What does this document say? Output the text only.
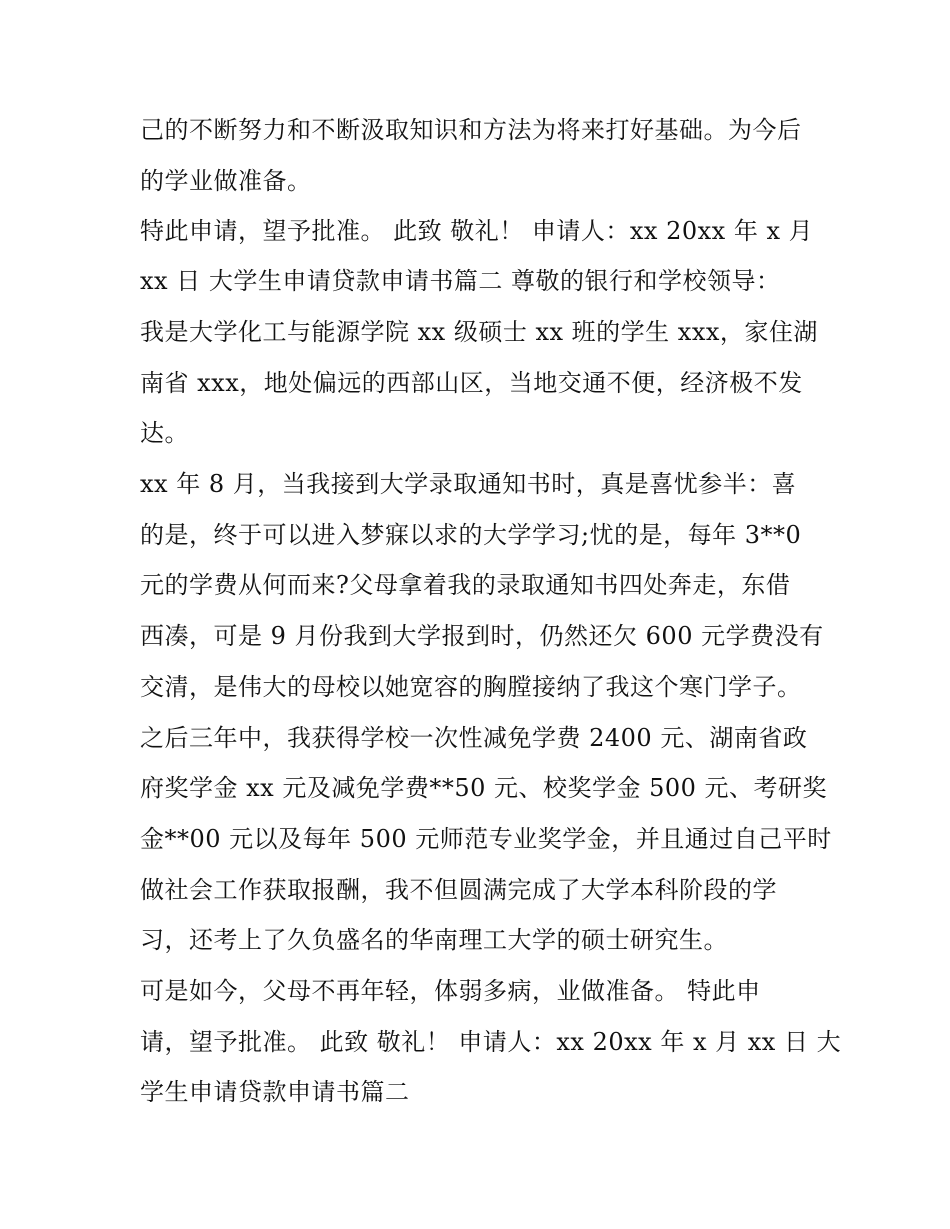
己的不断努力和不断汲取知识和方法为将来打好基础。为今后
的学业做准备。
特此申请，望予批准。 此致 敬礼！ 申请人：xx 20xx 年 x 月
xx 日 大学生申请贷款申请书篇二 尊敬的银行和学校领导：
我是大学化工与能源学院 xx 级硕士 xx 班的学生 xxx，家住湖
南省 xxx，地处偏远的西部山区，当地交通不便，经济极不发
达。
xx 年 8 月，当我接到大学录取通知书时，真是喜忧参半：喜
的是，终于可以进入梦寐以求的大学学习;忧的是，每年 3**0
元的学费从何而来?父母拿着我的录取通知书四处奔走，东借
西凑，可是 9 月份我到大学报到时，仍然还欠 600 元学费没有
交清，是伟大的母校以她宽容的胸膛接纳了我这个寒门学子。
之后三年中，我获得学校一次性减免学费 2400 元、湖南省政
府奖学金 xx 元及减免学费**50 元、校奖学金 500 元、考研奖
金**00 元以及每年 500 元师范专业奖学金，并且通过自己平时
做社会工作获取报酬，我不但圆满完成了大学本科阶段的学
习，还考上了久负盛名的华南理工大学的硕士研究生。
可是如今，父母不再年轻，体弱多病，业做准备。 特此申
请，望予批准。 此致 敬礼！ 申请人：xx 20xx 年 x 月 xx 日 大
学生申请贷款申请书篇二
